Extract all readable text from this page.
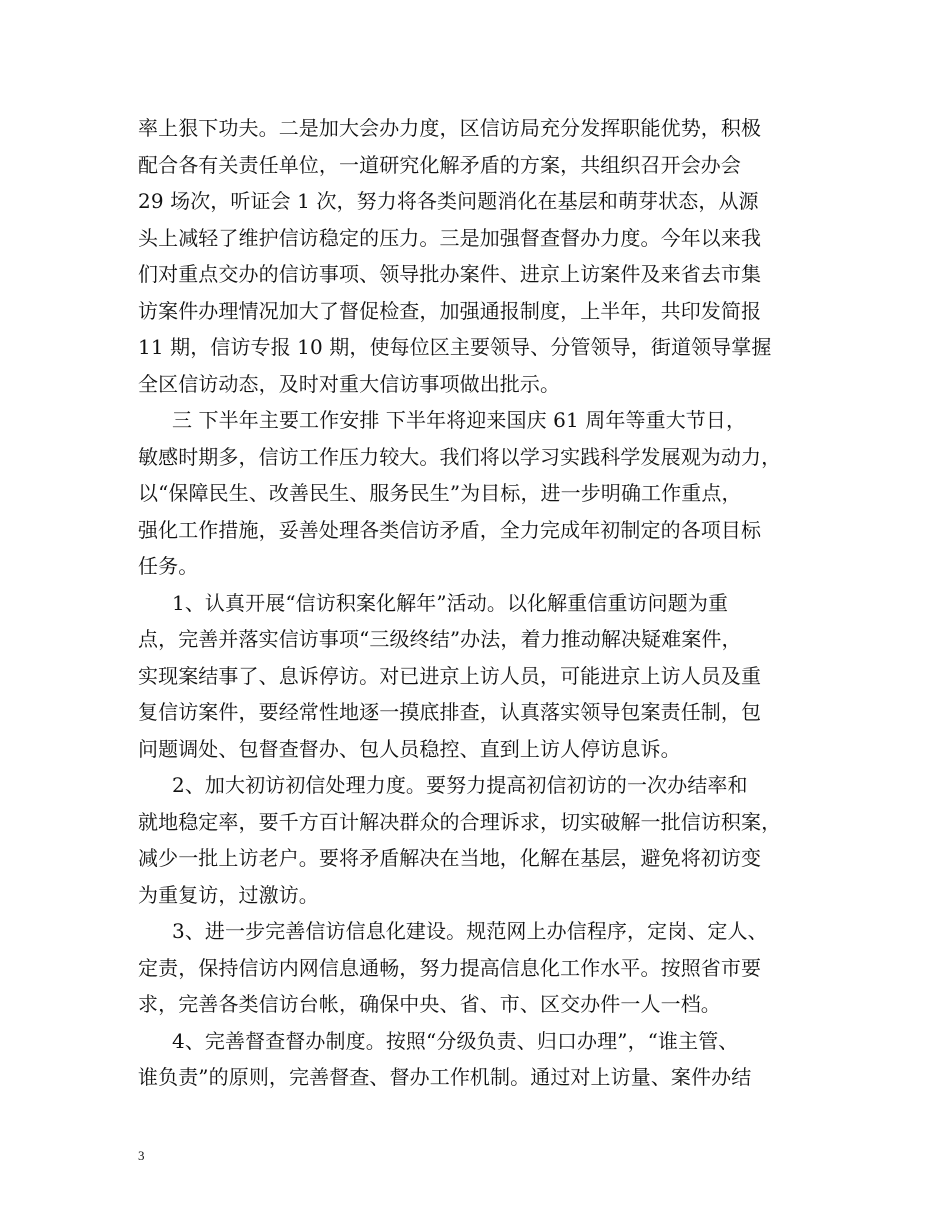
率上狠下功夫。二是加大会办力度，区信访局充分发挥职能优势，积极
配合各有关责任单位，一道研究化解矛盾的方案，共组织召开会办会
29 场次，听证会 1 次，努力将各类问题消化在基层和萌芽状态，从源
头上减轻了维护信访稳定的压力。三是加强督查督办力度。今年以来我
们对重点交办的信访事项、领导批办案件、进京上访案件及来省去市集
访案件办理情况加大了督促检查，加强通报制度，上半年，共印发简报
11 期，信访专报 10 期，使每位区主要领导、分管领导，街道领导掌握
全区信访动态，及时对重大信访事项做出批示。
三 下半年主要工作安排 下半年将迎来国庆 61 周年等重大节日，
敏感时期多，信访工作压力较大。我们将以学习实践科学发展观为动力，
以“保障民生、改善民生、服务民生”为目标，进一步明确工作重点，
强化工作措施，妥善处理各类信访矛盾，全力完成年初制定的各项目标
任务。
1、认真开展“信访积案化解年”活动。以化解重信重访问题为重
点，完善并落实信访事项“三级终结”办法，着力推动解决疑难案件，
实现案结事了、息诉停访。对已进京上访人员，可能进京上访人员及重
复信访案件，要经常性地逐一摸底排查，认真落实领导包案责任制，包
问题调处、包督查督办、包人员稳控、直到上访人停访息诉。
2、加大初访初信处理力度。要努力提高初信初访的一次办结率和
就地稳定率，要千方百计解决群众的合理诉求，切实破解一批信访积案，
减少一批上访老户。要将矛盾解决在当地，化解在基层，避免将初访变
为重复访，过激访。
3、进一步完善信访信息化建设。规范网上办信程序，定岗、定人、
定责，保持信访内网信息通畅，努力提高信息化工作水平。按照省市要
求，完善各类信访台帐，确保中央、省、市、区交办件一人一档。
4、完善督查督办制度。按照“分级负责、归口办理”，“谁主管、
谁负责”的原则，完善督查、督办工作机制。通过对上访量、案件办结
3
